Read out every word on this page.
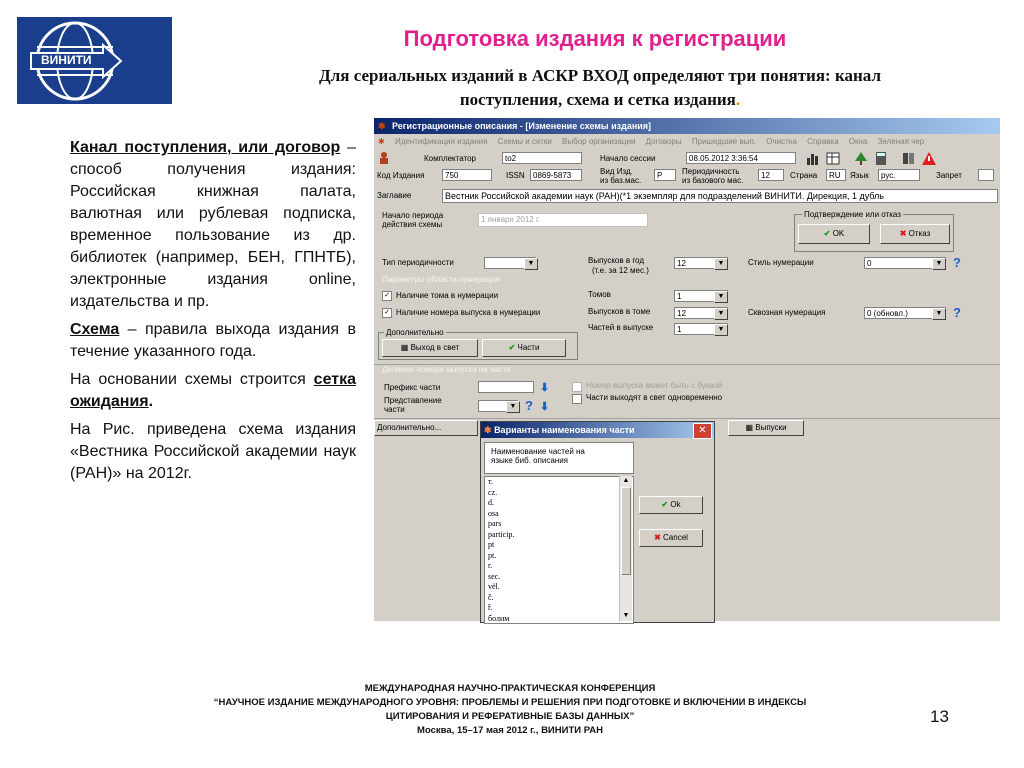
ВИНИТИ
Подготовка издания к регистрации
Для сериальных изданий в АСКР ВХОД определяют три понятия: канал
поступления, схема и сетка издания.

Канал поступления, или договор – способ получения издания: Российская книжная палата, валютная или рублевая подписка, временное пользование из др. библиотек (например, БЕН, ГПНТБ), электронные издания online, издательства и пр.

Схема – правила выхода издания в течение указанного года.

На основании схемы строится сетка ожидания.

На Рис. приведена схема издания «Вестника Российской академии наук (РАН)» на 2012г.

✱ Регистрационные описания - [Изменение схемы издания]
✱ Идентификация издания Схемы и сетки Выбор организации Договоры Пришедшие вып. Очистка Справка Окна Зеленая чер
Комплектатор	to2	Начало сессии	08.05.2012 3:36:54
Код Издания	750	ISSN	0869-5873	Вид Изд.
из баз.мас.
P	Периодичность
из базового мас.
12	Страна	RU	Язык	рус.	Запрет
Заглавие	Вестник Российской академии наук (РАН)(*1 экземпляр для подразделений ВИНИТИ. Дирекция, 1 дубль
Начало периода
действия схемы
1 января 2012 г.
Подтверждение или отказ
✔ OK	✖ Отказ
Тип периодичности	▼	Выпусков в год
(т.е. за 12 мес.)
12	▼	Стиль нумерации	0	▼ ?
Параметры области нумерации
✓ Наличие тома в нумерации	Томов	1	▼
✓ Наличие номера выпуска в нумерации	Выпусков в томе	12	▼	Сквозная нумерация	0 (обновл.)	▼ ?
Частей в выпуске	1	▼
Дополнительно
▦ Выход в свет	✔ Части
Деление номера выпуска на части
Префикс части	⬇
Представление
части	▼ ? ⬇
Номер выпуска может быть с буквой
Части выходят в свет одновременно
Дополнительно...	▦ Выпуски
✱ Варианты наименования части	✕
Наименование частей на
языке биб. описания
т.
cz.
d.
osa
pars
particip.
pt
pt.
r.
sec.
vël.
č.
ř.
болим
▲
▼
✔ Ok
✖ Cancel
МЕЖДУНАРОДНАЯ НАУЧНО-ПРАКТИЧЕСКАЯ КОНФЕРЕНЦИЯ
“НАУЧНОЕ ИЗДАНИЕ МЕЖДУНАРОДНОГО УРОВНЯ: ПРОБЛЕМЫ И РЕШЕНИЯ ПРИ ПОДГОТОВКЕ И ВКЛЮЧЕНИИ В ИНДЕКСЫ
ЦИТИРОВАНИЯ И РЕФЕРАТИВНЫЕ БАЗЫ ДАННЫХ”
Москва, 15–17 мая 2012 г., ВИНИТИ РАН
13
